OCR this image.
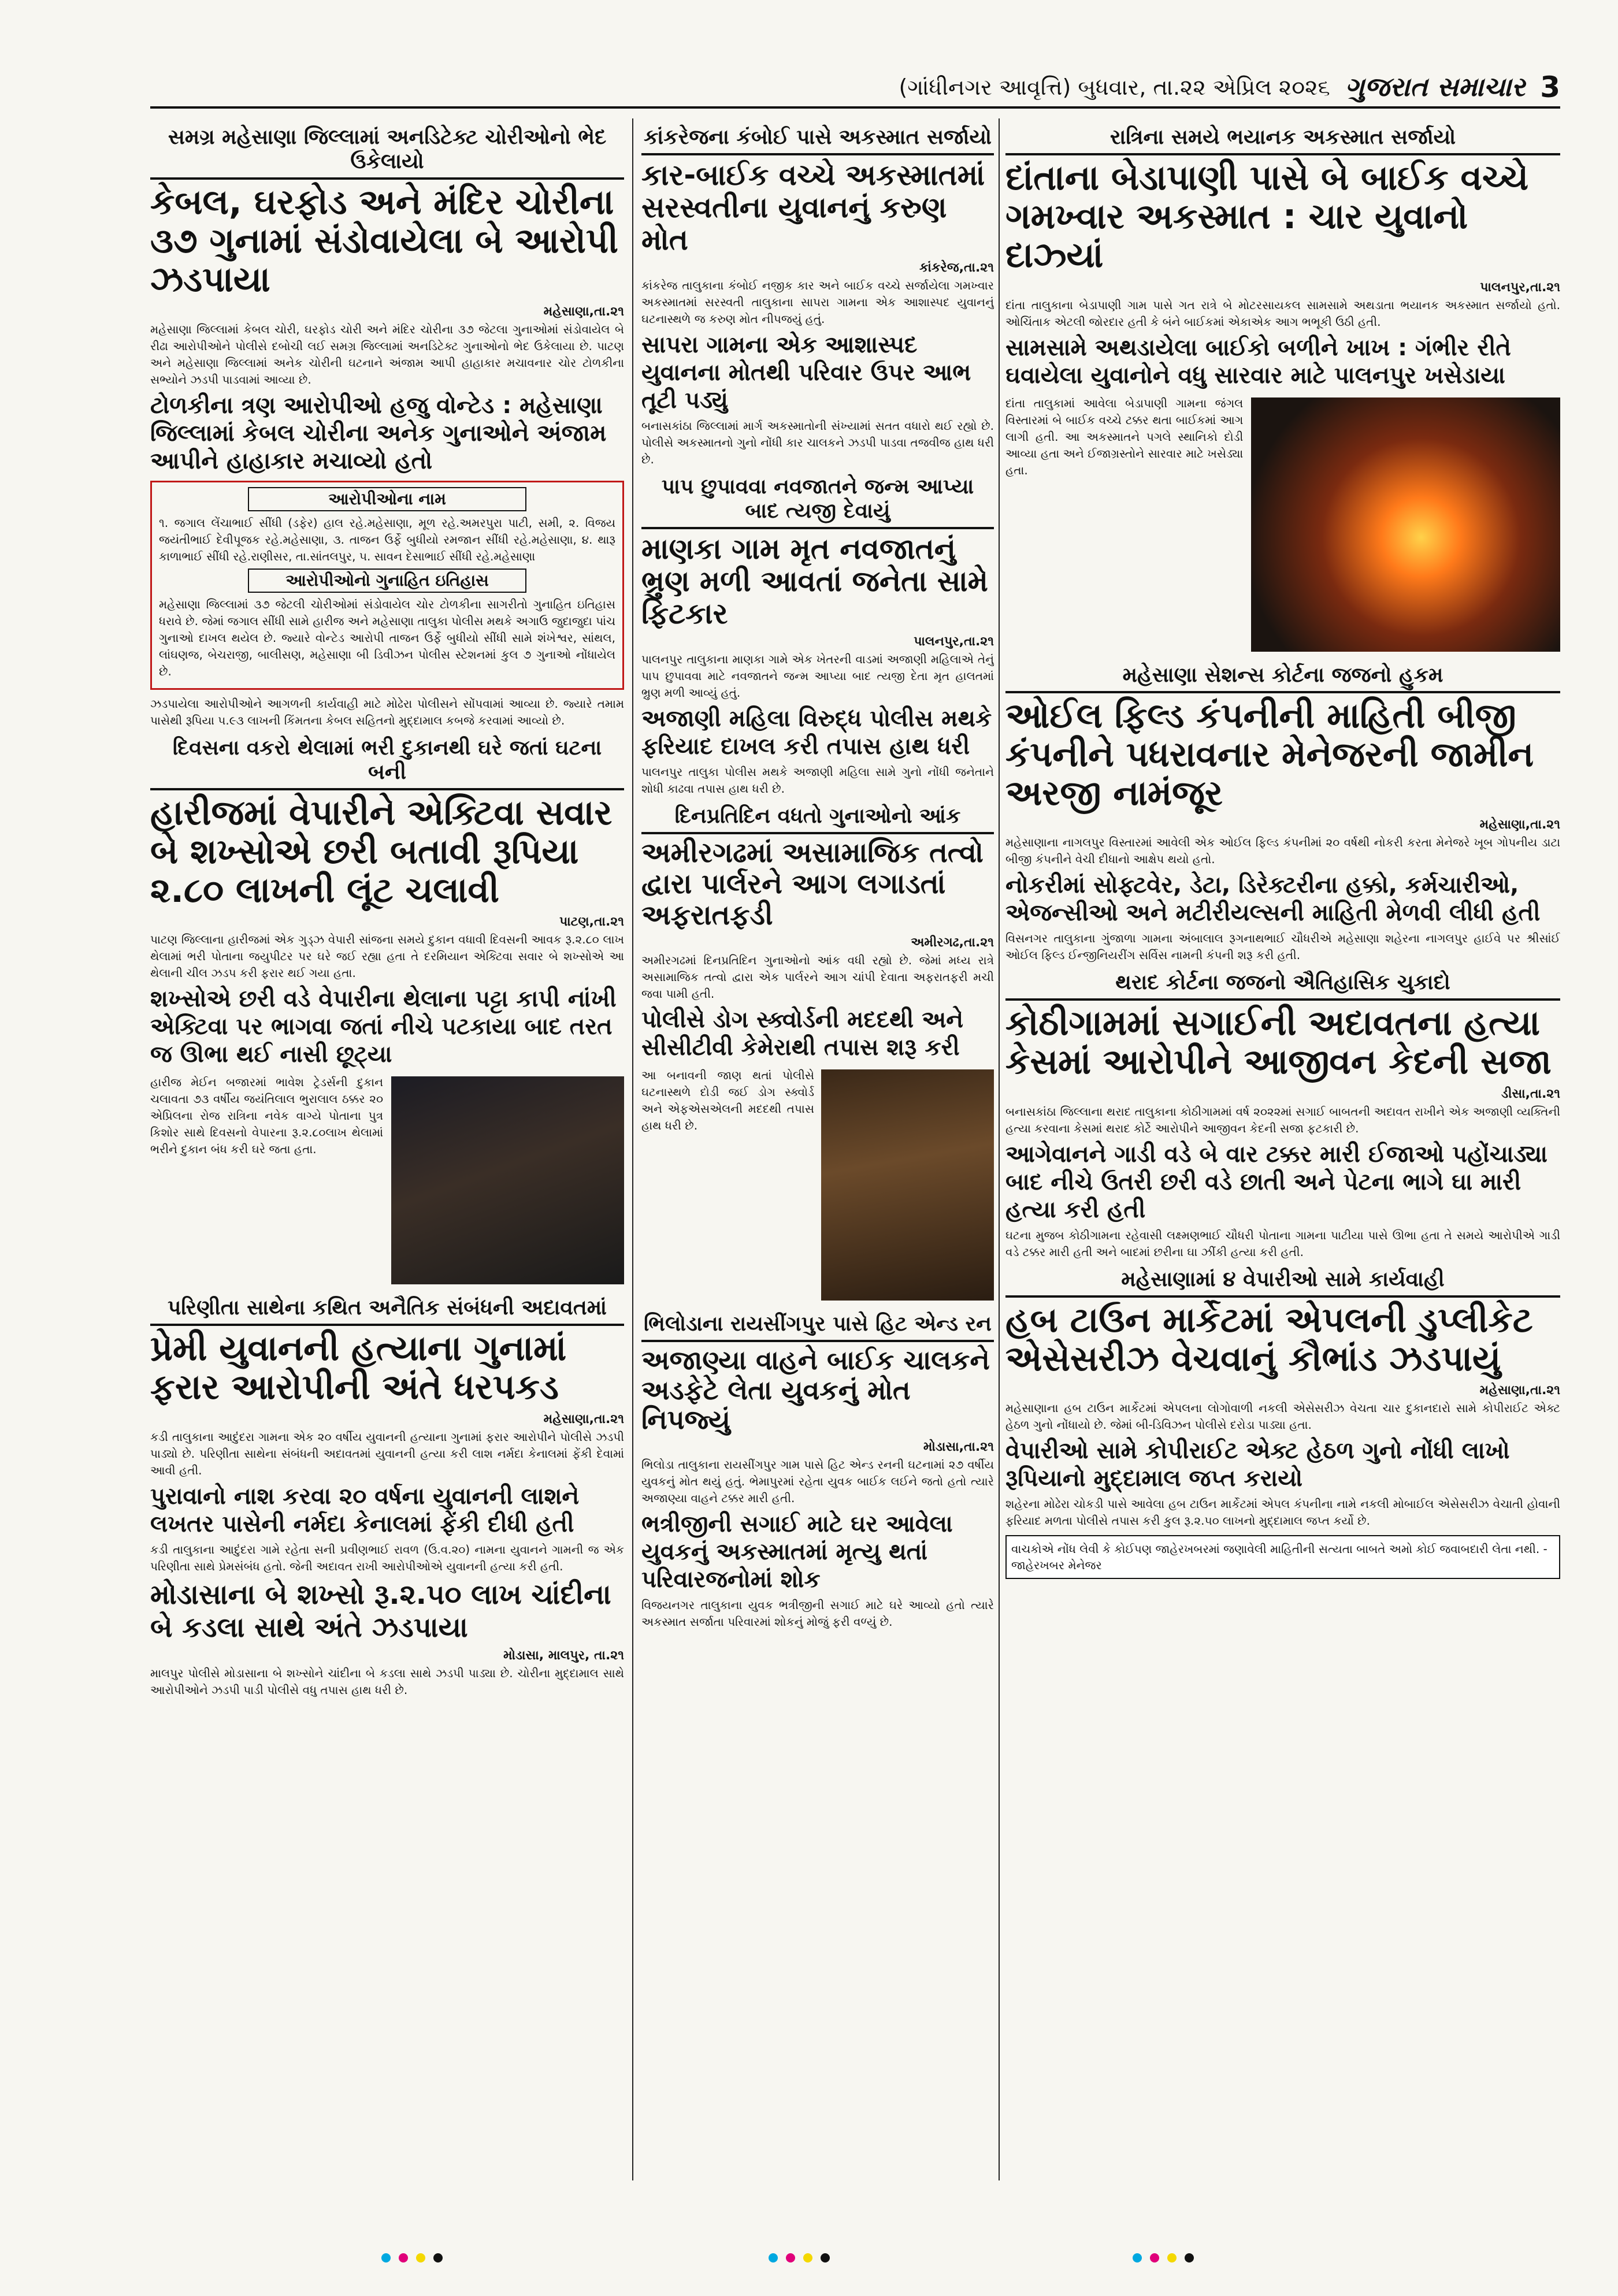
(ગાંધીનગર આવૃત્તિ) બુધવાર, તા.૨૨ એપ્રિલ ૨૦૨૬ ગુજરાત સમાચાર 3
સમગ્ર મહેસાણા જિલ્લામાં અનડિટેક્ટ ચોરીઓનો ભેદ ઉકેલાયો
કેબલ, ઘરફોડ અને મંદિર ચોરીના ૩૭ ગુનામાં સંડોવાયેલા બે આરોપી ઝડપાયા
મહેસાણા,તા.૨૧
મહેસાણા જિલ્લામાં કેબલ ચોરી, ઘરફોડ ચોરી અને મંદિર ચોરીના ૩૭ જેટલા ગુનાઓમાં સંડોવાયેલ બે રીઢા આરોપીઓને પોલીસે દબોચી લઈ સમગ્ર જિલ્લામાં અનડિટેક્ટ ગુનાઓનો ભેદ ઉકેલાયા છે. પાટણ અને મહેસાણા જિલ્લામાં અનેક ચોરીની ઘટનાને અંજામ આપી હાહાકાર મચાવનાર ચોર ટોળકીના સભ્યોને ઝડપી પાડવામાં આવ્યા છે.
ટોળકીના ત્રણ આરોપીઓ હજુ વોન્ટેડ : મહેસાણા જિલ્લામાં કેબલ ચોરીના અનેક ગુનાઓને અંજામ આપીને હાહાકાર મચાવ્યો હતો
આરોપીઓના નામ
૧. જગાલ લેંચાભાઈ સીંધી (ડફેર) હાલ રહે.મહેસાણા, મૂળ રહે.અમરપુરા પાટી, સમી, ૨. વિજય જયંતીભાઈ દેવીપૂજક રહે.મહેસાણા, ૩. તાજન ઉર્ફે બુધીયો રમજાન સીંધી રહે.મહેસાણા, ૪. થારૂ કાળાભાઈ સીંધી રહે.રાણીસર, તા.સાંતલપુર, ૫. સાવન દેસાભાઈ સીંધી રહે.મહેસાણા
આરોપીઓનો ગુનાહિત ઇતિહાસ
મહેસાણા જિલ્લામાં ૩૭ જેટલી ચોરીઓમાં સંડોવાયેલ ચોર ટોળકીના સાગરીતો ગુનાહિત ઇતિહાસ ધરાવે છે. જેમાં જગાલ સીંધી સામે હારીજ અને મહેસાણા તાલુકા પોલીસ મથકે અગાઉ જુદાજુદા પાંચ ગુનાઓ દાખલ થયેલ છે. જ્યારે વોન્ટેડ આરોપી તાજન ઉર્ફે બુધીયો સીંધી સામે શંખેશ્વર, સાંથલ, લાંઘણજ, બેચરાજી, બાલીસણ, મહેસાણા બી ડિવીઝન પોલીસ સ્ટેશનમાં કુલ ૭ ગુનાઓ નોંધાયેલ છે.
ઝડપાયેલા આરોપીઓને આગળની કાર્યવાહી માટે મોઢેરા પોલીસને સોંપવામાં આવ્યા છે. જ્યારે તમામ પાસેથી રૂપિયા ૫.૯૩ લાખની કિંમતના કેબલ સહિતનો મુદ્દામાલ કબજે કરવામાં આવ્યો છે.
દિવસના વકરો થેલામાં ભરી દુકાનથી ઘરે જતાં ઘટના બની
હારીજમાં વેપારીને એક્ટિવા સવાર બે શખ્સોએ છરી બતાવી રૂપિયા ૨.૮૦ લાખની લૂંટ ચલાવી
પાટણ,તા.૨૧
પાટણ જિલ્લાના હારીજમાં એક ગુડ્ઝ વેપારી સાંજના સમયે દુકાન વધાવી દિવસની આવક રૂ.૨.૮૦ લાખ થેલામાં ભરી પોતાના જયુપીટર પર ઘરે જઈ રહ્યા હતા તે દરમિયાન એક્ટિવા સવાર બે શખ્સોએ આ થેલાની ચીલ ઝડપ કરી ફરાર થઈ ગયા હતા.
શખ્સોએ છરી વડે વેપારીના થેલાના પટ્ટા કાપી નાંખી એક્ટિવા પર ભાગવા જતાં નીચે પટકાયા બાદ તરત જ ઊભા થઈ નાસી છૂટ્યા
હારીજ મેઈન બજારમાં ભાવેશ ટ્રેડર્સની દુકાન ચલાવતા ૭૩ વર્ષીય જયંતિલાલ ભુરાલાલ ઠક્કર ૨૦ એપ્રિલના રોજ રાત્રિના નવેક વાગ્યે પોતાના પુત્ર કિશોર સાથે દિવસનો વેપારના રૂ.૨.૮૦લાખ થેલામાં ભરીને દુકાન બંધ કરી ઘરે જતા હતા.
પરિણીતા સાથેના કથિત અનૈતિક સંબંધની અદાવતમાં
પ્રેમી યુવાનની હત્યાના ગુનામાં ફરાર આરોપીની અંતે ધરપકડ
મહેસાણા,તા.૨૧
કડી તાલુકાના આદુંદરા ગામના એક ૨૦ વર્ષીય યુવાનની હત્યાના ગુનામાં ફરાર આરોપીને પોલીસે ઝડપી પાડ્યો છે. પરિણીતા સાથેના સંબંધની અદાવતમાં યુવાનની હત્યા કરી લાશ નર્મદા કેનાલમાં ફેંકી દેવામાં આવી હતી.
પુરાવાનો નાશ કરવા ૨૦ વર્ષના યુવાનની લાશને લખતર પાસેની નર્મદા કેનાલમાં ફેંકી દીધી હતી
કડી તાલુકાના આદુંદરા ગામે રહેતા સની પ્રવીણભાઈ રાવળ (ઉ.વ.૨૦) નામના યુવાનને ગામની જ એક પરિણીતા સાથે પ્રેમસંબંધ હતો. જેની અદાવત રાખી આરોપીઓએ યુવાનની હત્યા કરી હતી.
મોડાસાના બે શખ્સો રૂ.૨.૫૦ લાખ ચાંદીના બે કડલા સાથે અંતે ઝડપાયા
મોડાસા, માલપુર, તા.૨૧
માલપુર પોલીસે મોડાસાના બે શખ્સોને ચાંદીના બે કડલા સાથે ઝડપી પાડ્યા છે. ચોરીના મુદ્દામાલ સાથે આરોપીઓને ઝડપી પાડી પોલીસે વધુ તપાસ હાથ ધરી છે.
કાંકરેજના કંબોઈ પાસે અકસ્માત સર્જાયો
કાર-બાઈક વચ્ચે અકસ્માતમાં સરસ્વતીના યુવાનનું કરુણ મોત
કાંકરેજ,તા.૨૧
કાંકરેજ તાલુકાના કંબોઈ નજીક કાર અને બાઈક વચ્ચે સર્જાયેલા ગમખ્વાર અકસ્માતમાં સરસ્વતી તાલુકાના સાપરા ગામના એક આશાસ્પદ યુવાનનું ઘટનાસ્થળે જ કરુણ મોત નીપજયું હતું.
સાપરા ગામના એક આશાસ્પદ યુવાનના મોતથી પરિવાર ઉપર આભ તૂટી પડ્યું
બનાસકાંઠા જિલ્લામાં માર્ગ અકસ્માતોની સંખ્યામાં સતત વધારો થઈ રહ્યો છે. પોલીસે અકસ્માતનો ગુનો નોંધી કાર ચાલકને ઝડપી પાડવા તજવીજ હાથ ધરી છે.
પાપ છુપાવવા નવજાતને જન્મ આપ્યા બાદ ત્યજી દેવાયું
માણકા ગામ મૃત નવજાતનું ભ્રુણ મળી આવતાં જનેતા સામે ફિટકાર
પાલનપુર,તા.૨૧
પાલનપુર તાલુકાના માણકા ગામે એક ખેતરની વાડમાં અજાણી મહિલાએ તેનું પાપ છુપાવવા માટે નવજાતને જન્મ આપ્યા બાદ ત્યજી દેતા મૃત હાલતમાં ભ્રુણ મળી આવ્યું હતું.
અજાણી મહિલા વિરુદ્ધ પોલીસ મથકે ફરિયાદ દાખલ કરી તપાસ હાથ ધરી
પાલનપુર તાલુકા પોલીસ મથકે અજાણી મહિલા સામે ગુનો નોંધી જનેતાને શોધી કાઢવા તપાસ હાથ ધરી છે.
દિનપ્રતિદિન વધતો ગુનાઓનો આંક
અમીરગઢમાં અસામાજિક તત્વો દ્વારા પાર્લરને આગ લગાડતાં અફરાતફડી
અમીરગઢ,તા.૨૧
અમીરગઢમાં દિનપ્રતિદિન ગુનાઓનો આંક વધી રહ્યો છે. જેમાં મધ્ય રાત્રે અસામાજિક તત્વો દ્વારા એક પાર્લરને આગ ચાંપી દેવાતા અફરાતફરી મચી જવા પામી હતી.
પોલીસે ડોગ સ્ક્વોર્ડની મદદથી અને સીસીટીવી કેમેરાથી તપાસ શરૂ કરી
આ બનાવની જાણ થતાં પોલીસે ઘટનાસ્થળે દોડી જઈ ડોગ સ્ક્વોર્ડ અને એફએસએલની મદદથી તપાસ હાથ ધરી છે.
ભિલોડાના રાયસીંગપુર પાસે હિટ એન્ડ રન
અજાણ્યા વાહને બાઈક ચાલકને અડફેટે લેતા યુવકનું મોત નિપજ્યું
મોડાસા,તા.૨૧
ભિલોડા તાલુકાના રાયસીંગપુર ગામ પાસે હિટ એન્ડ રનની ઘટનામાં ૨૭ વર્ષીય યુવકનું મોત થયું હતું. ભેમાપુરમાં રહેતા યુવક બાઈક લઈને જતો હતો ત્યારે અજાણ્યા વાહને ટક્કર મારી હતી.
ભત્રીજીની સગાઈ માટે ઘર આવેલા યુવકનું અકસ્માતમાં મૃત્યુ થતાં પરિવારજનોમાં શોક
વિજયનગર તાલુકાના યુવક ભત્રીજીની સગાઈ માટે ઘરે આવ્યો હતો ત્યારે અકસ્માત સર્જાતા પરિવારમાં શોકનું મોજું ફરી વળ્યું છે.
રાત્રિના સમયે ભયાનક અકસ્માત સર્જાયો
દાંતાના બેડાપાણી પાસે બે બાઈક વચ્ચે ગમખ્વાર અકસ્માત : ચાર યુવાનો દાઝ્યાં
પાલનપુર,તા.૨૧
દાંતા તાલુકાના બેડાપાણી ગામ પાસે ગત રાત્રે બે મોટરસાયકલ સામસામે અથડાતા ભયાનક અકસ્માત સર્જાયો હતો. ઓચિંતાક એટલી જોરદાર હતી કે બંને બાઈકમાં એકાએક આગ ભભૂકી ઉઠી હતી.
સામસામે અથડાયેલા બાઈકો બળીને ખાખ : ગંભીર રીતે ઘવાયેલા યુવાનોને વધુ સારવાર માટે પાલનપુર ખસેડાયા
દાંતા તાલુકામાં આવેલા બેડાપાણી ગામના જંગલ વિસ્તારમાં બે બાઈક વચ્ચે ટક્કર થતા બાઈકમાં આગ લાગી હતી. આ અકસ્માતને પગલે સ્થાનિકો દોડી આવ્યા હતા અને ઈજાગ્રસ્તોને સારવાર માટે ખસેડ્યા હતા.
મહેસાણા સેશન્સ કોર્ટના જજનો હુકમ
ઓઈલ ફિલ્ડ કંપનીની માહિતી બીજી કંપનીને પધરાવનાર મેનેજરની જામીન અરજી નામંજૂર
મહેસાણા,તા.૨૧
મહેસાણાના નાગલપુર વિસ્તારમાં આવેલી એક ઓઈલ ફિલ્ડ કંપનીમાં ૨૦ વર્ષથી નોકરી કરતા મેનેજરે ખૂબ ગોપનીય ડાટા બીજી કંપનીને વેચી દીધાનો આક્ષેપ થયો હતો.
નોકરીમાં સોફ્ટવેર, ડેટા, ડિરેક્ટરીના હક્કો, કર્મચારીઓ, એજન્સીઓ અને મટીરીયલ્સની માહિતી મેળવી લીધી હતી
વિસનગર તાલુકાના ગુંજાળા ગામના અંબાલાલ રૂગનાથભાઈ ચૌધરીએ મહેસાણા શહેરના નાગલપુર હાઈવે પર શ્રીસાંઈ ઓઈલ ફિલ્ડ ઈન્જીનિયરીંગ સર્વિસ નામની કંપની શરૂ કરી હતી.
થરાદ કોર્ટના જજનો ઐતિહાસિક ચુકાદો
કોઠીગામમાં સગાઈની અદાવતના હત્યા કેસમાં આરોપીને આજીવન કેદની સજા
ડીસા,તા.૨૧
બનાસકાંઠા જિલ્લાના થરાદ તાલુકાના કોઠીગામમાં વર્ષ ૨૦૨૨માં સગાઈ બાબતની અદાવત રાખીને એક અજાણી વ્યક્તિની હત્યા કરવાના કેસમાં થરાદ કોર્ટે આરોપીને આજીવન કેદની સજા ફટકારી છે.
આગેવાનને ગાડી વડે બે વાર ટક્કર મારી ઈજાઓ પહોંચાડ્યા બાદ નીચે ઉતરી છરી વડે છાતી અને પેટના ભાગે ઘા મારી હત્યા કરી હતી
ઘટના મુજબ કોઠીગામના રહેવાસી લક્ષ્મણભાઈ ચૌધરી પોતાના ગામના પાટીયા પાસે ઊભા હતા તે સમયે આરોપીએ ગાડી વડે ટક્કર મારી હતી અને બાદમાં છરીના ઘા ઝીંકી હત્યા કરી હતી.
મહેસાણામાં ૪ વેપારીઓ સામે કાર્યવાહી
હબ ટાઉન માર્કેટમાં એપલની ડુપ્લીકેટ એસેસરીઝ વેચવાનું કૌભાંડ ઝડપાયું
મહેસાણા,તા.૨૧
મહેસાણાના હબ ટાઉન માર્કેટમાં એપલના લોગોવાળી નકલી એસેસરીઝ વેચતા ચાર દુકાનદારો સામે કોપીરાઈટ એક્ટ હેઠળ ગુનો નોંધાયો છે. જેમાં બી-ડિવિઝન પોલીસે દરોડા પાડ્યા હતા.
વેપારીઓ સામે કોપીરાઈટ એક્ટ હેઠળ ગુનો નોંધી લાખો રૂપિયાનો મુદ્દામાલ જપ્ત કરાયો
શહેરના મોઢેરા ચોકડી પાસે આવેલા હબ ટાઉન માર્કેટમાં એપલ કંપનીના નામે નકલી મોબાઈલ એસેસરીઝ વેચાતી હોવાની ફરિયાદ મળતા પોલીસે તપાસ કરી કુલ રૂ.૨.૫૦ લાખનો મુદ્દામાલ જપ્ત કર્યો છે.
વાચકોએ નોંધ લેવી કે કોઈપણ જાહેરખબરમાં જણાવેલી માહિતીની સત્યતા બાબતે અમો કોઈ જવાબદારી લેતા નથી. - જાહેરખબર મેનેજર
